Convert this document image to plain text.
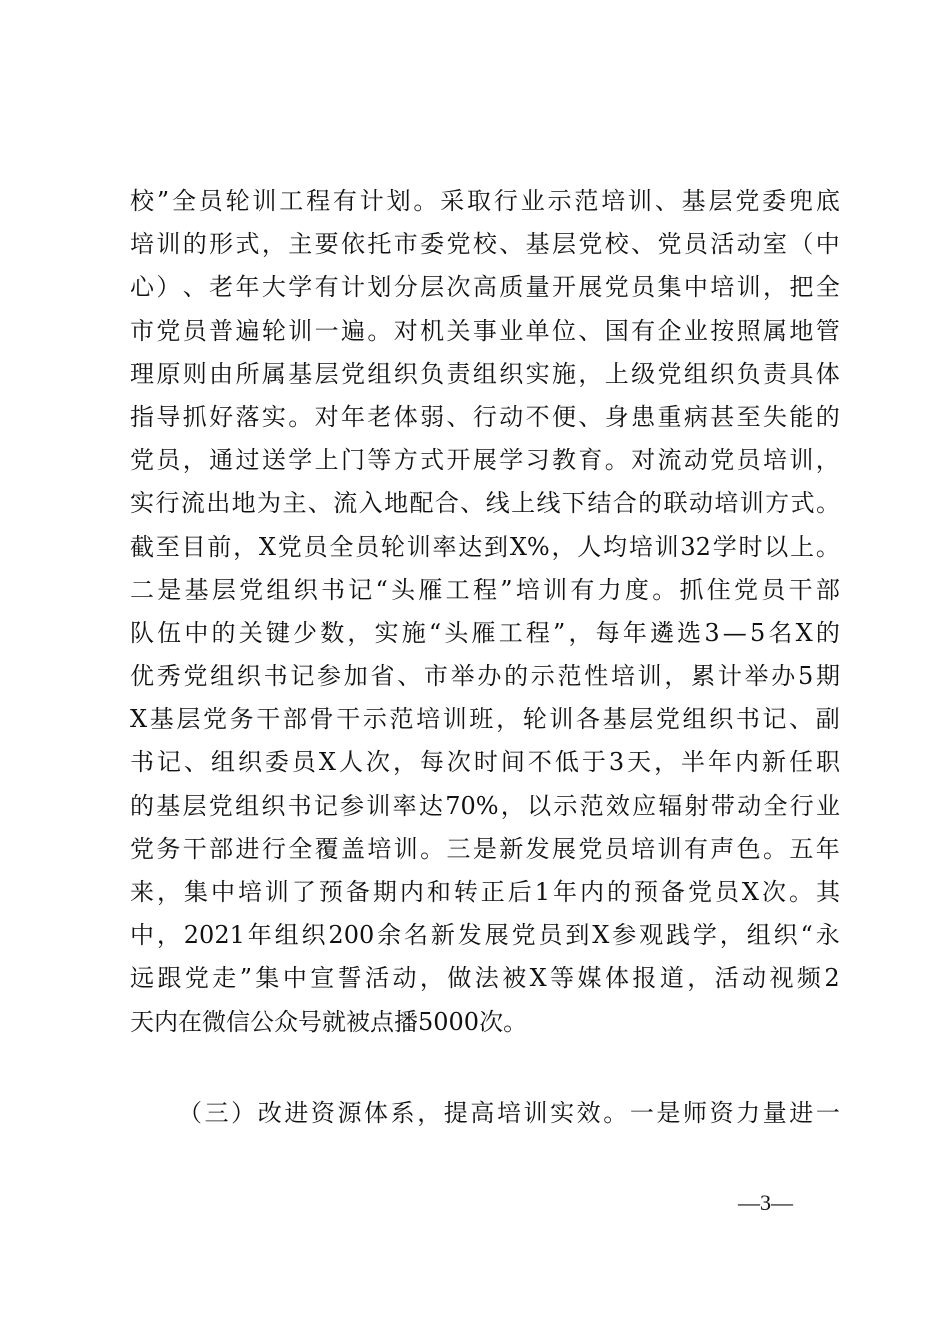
校 ” 全 员 轮 训 工 程 有 计 划 。 采 取 行 业 示 范 培 训 、 基 层 党 委 兜 底
培 训 的 形 式 ， 主 要 依 托 市 委 党 校 、 基 层 党 校 、 党 员 活 动 室 （ 中
心 ） 、 老 年 大 学 有 计 划 分 层 次 高 质 量 开 展 党 员 集 中 培 训 ， 把 全
市 党 员 普 遍 轮 训 一 遍 。 对 机 关 事 业 单 位 、 国 有 企 业 按 照 属 地 管
理 原 则 由 所 属 基 层 党 组 织 负 责 组 织 实 施 ， 上 级 党 组 织 负 责 具 体
指 导 抓 好 落 实 。 对 年 老 体 弱 、 行 动 不 便 、 身 患 重 病 甚 至 失 能 的
党 员 ， 通 过 送 学 上 门 等 方 式 开 展 学 习 教 育 。 对 流 动 党 员 培 训 ，
实 行 流 出 地 为 主 、 流 入 地 配 合 、 线 上 线 下 结 合 的 联 动 培 训 方 式 。
截 至 目 前 ， X 党 员 全 员 轮 训 率 达 到 X% ， 人 均 培 训 32 学 时 以 上 。
二 是 基 层 党 组 织 书 记 “ 头 雁 工 程 ” 培 训 有 力 度 。 抓 住 党 员 干 部
队 伍 中 的 关 键 少 数 ， 实 施 “ 头 雁 工 程 ” ， 每 年 遴 选 3 — 5 名 X 的
优 秀 党 组 织 书 记 参 加 省 、 市 举 办 的 示 范 性 培 训 ， 累 计 举 办 5 期
X 基 层 党 务 干 部 骨 干 示 范 培 训 班 ， 轮 训 各 基 层 党 组 织 书 记 、 副
书 记 、 组 织 委 员 X 人 次 ， 每 次 时 间 不 低 于 3 天 ， 半 年 内 新 任 职
的 基 层 党 组 织 书 记 参 训 率 达 70% ， 以 示 范 效 应 辐 射 带 动 全 行 业
党 务 干 部 进 行 全 覆 盖 培 训 。 三 是 新 发 展 党 员 培 训 有 声 色 。 五 年
来 ， 集 中 培 训 了 预 备 期 内 和 转 正 后 1 年 内 的 预 备 党 员 X 次 。 其
中 ， 2021 年 组 织 200 余 名 新 发 展 党 员 到 X 参 观 践 学 ， 组 织 “ 永
远 跟 党 走 ” 集 中 宣 誓 活 动 ， 做 法 被 X 等 媒 体 报 道 ， 活 动 视 频 2
天 内 在 微 信 公 众 号 就 被 点 播 5000 次 。
（ 三 ） 改 进 资 源 体 系 ， 提 高 培 训 实 效 。 一 是 师 资 力 量 进 一
—3—
